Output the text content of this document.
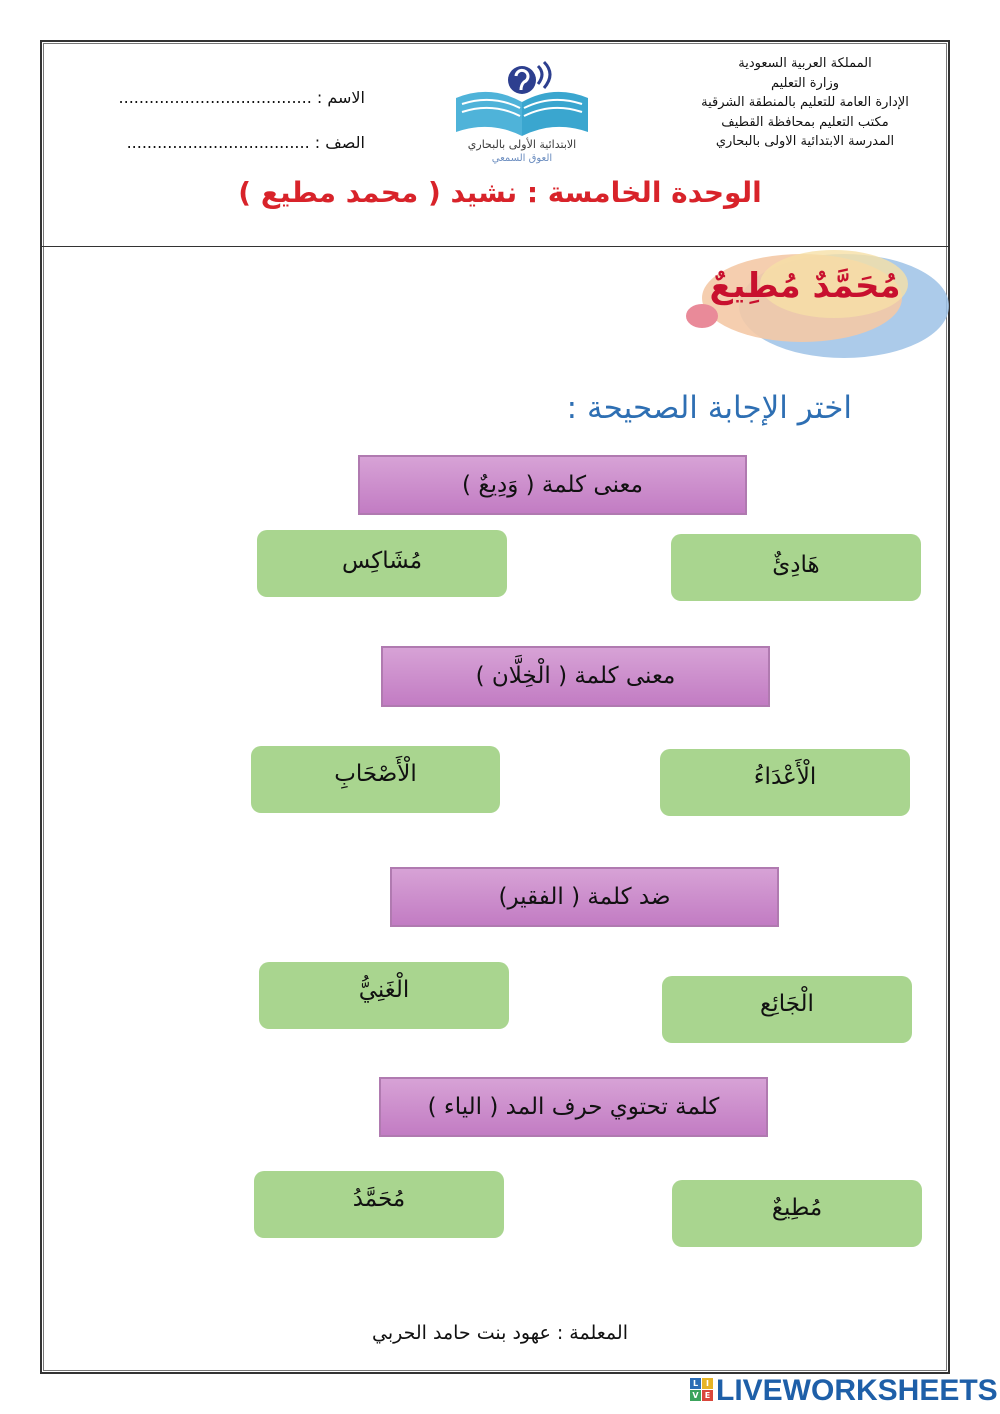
المملكة العربية السعودية
وزارة التعليم
الإدارة العامة للتعليم بالمنطقة الشرقية
مكتب التعليم بمحافظة القطيف
المدرسة الابتدائية الاولى بالبحاري
الاسم : ......................................
الصف : ....................................	الابتدائية الأولى بالبحاري
العوق السمعي
الوحدة الخامسة : نشيد ( محمد مطيع )
مُحَمَّدٌ مُطِيعٌ
اختر الإجابة الصحيحة :
معنى كلمة ( وَدِيعٌ )
هَادِئٌ
مُشَاكِس
معنى كلمة ( الْخِلَّان )
الْأَعْدَاءُ
الْأَصْحَابِ
ضد كلمة ( الفقير)
الْجَائِع
الْغَنِيُّ
كلمة تحتوي حرف المد ( الياء )
مُطِيعٌ
مُحَمَّدُ
المعلمة : عهود بنت حامد الحربي
L I
V E LIVEWORKSHEETS
